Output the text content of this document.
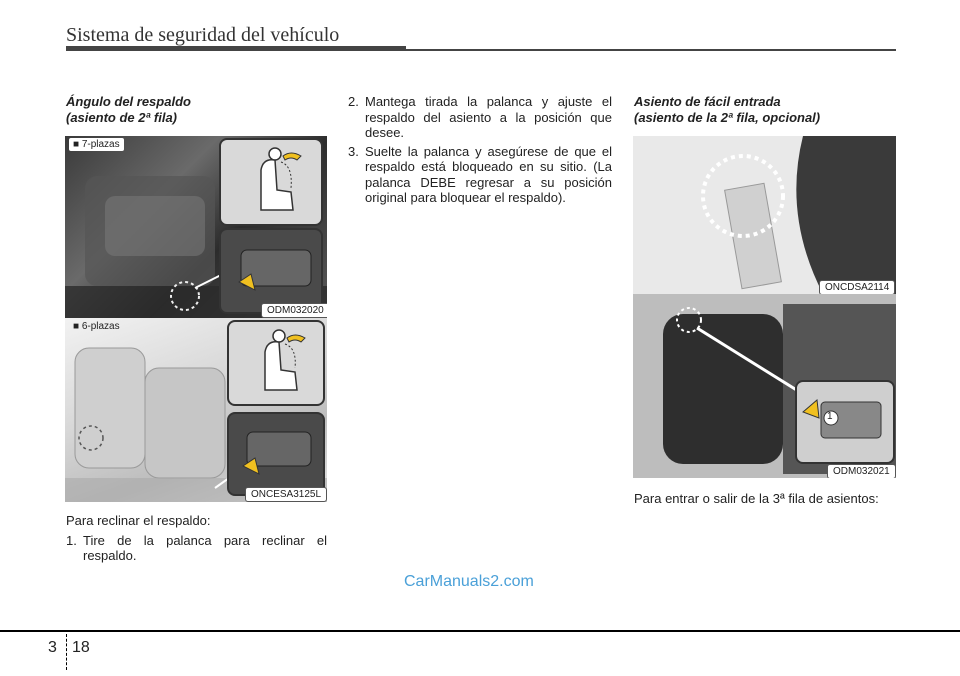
Sistema de seguridad del vehículo
Ángulo del respaldo
(asiento de 2ª fila)
■ 7-plazas
ODM032020
■ 6-plazas
ONCESA3125L
Para reclinar el respaldo:
1. Tire de la palanca para reclinar el respaldo.
2. Mantega tirada la palanca y ajuste el respaldo del asiento a la posición que desee.
3. Suelte la palanca y asegúrese de que el respaldo está bloqueado en su sitio. (La palanca DEBE regresar a su posición original para bloquear el respaldo).
Asiento de fácil entrada
(asiento de la 2ª fila, opcional)
ONCDSA2114
1
ODM032021
Para entrar o salir de la 3ª fila de asientos:
CarManuals2.com
3 18
